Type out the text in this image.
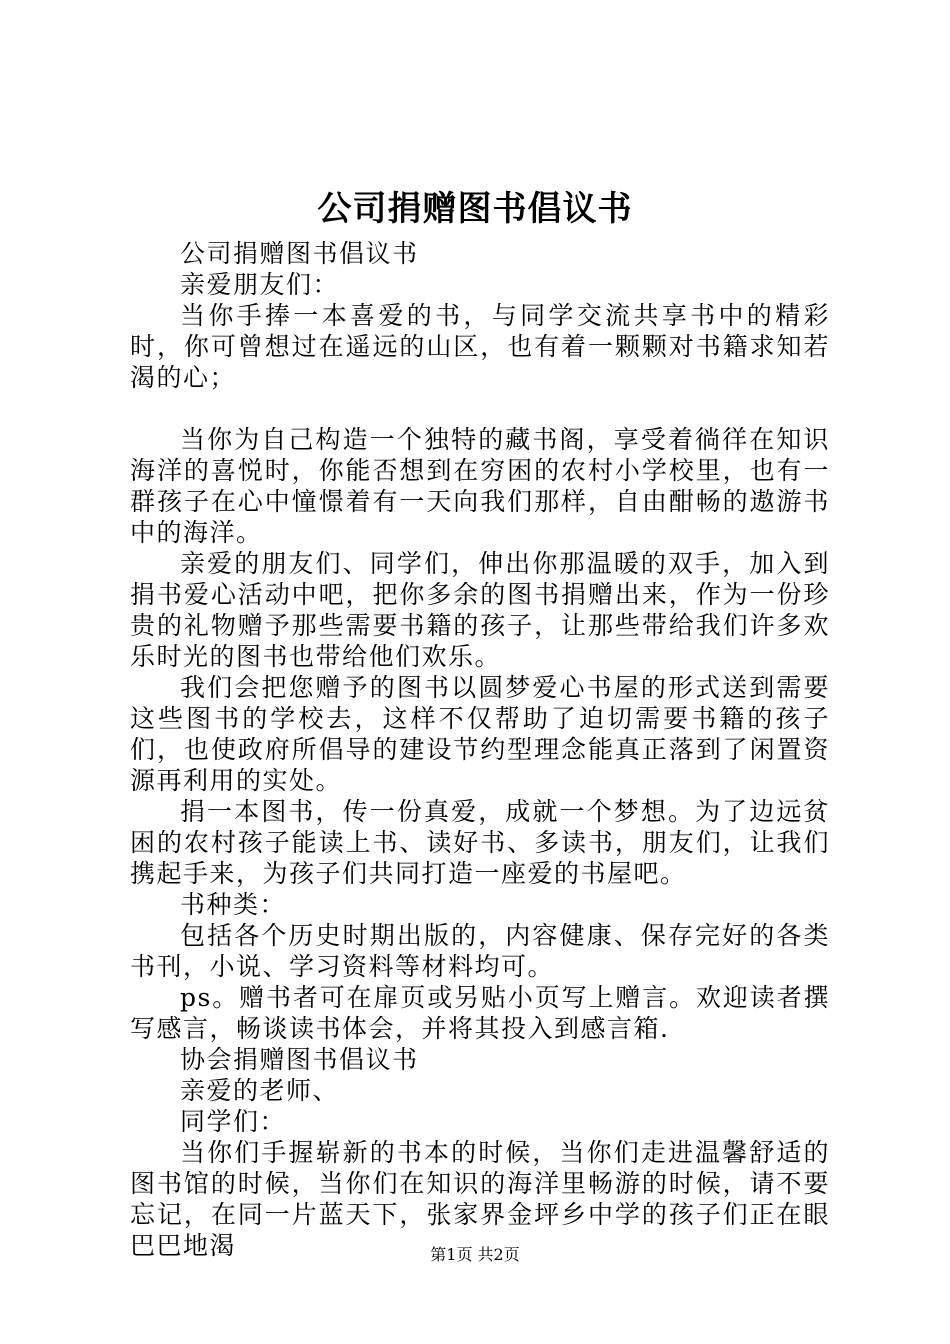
公司捐赠图书倡议书

公司捐赠图书倡议书

亲爱朋友们：

当你手捧一本喜爱的书，与同学交流共享书中的精彩时，你可曾想过在遥远的山区，也有着一颗颗对书籍求知若渴的心；

当你为自己构造一个独特的藏书阁，享受着徜徉在知识海洋的喜悦时，你能否想到在穷困的农村小学校里，也有一群孩子在心中憧憬着有一天向我们那样，自由酣畅的遨游书中的海洋。

亲爱的朋友们、同学们，伸出你那温暖的双手，加入到捐书爱心活动中吧，把你多余的图书捐赠出来，作为一份珍贵的礼物赠予那些需要书籍的孩子，让那些带给我们许多欢乐时光的图书也带给他们欢乐。

我们会把您赠予的图书以圆梦爱心书屋的形式送到需要这些图书的学校去，这样不仅帮助了迫切需要书籍的孩子们，也使政府所倡导的建设节约型理念能真正落到了闲置资源再利用的实处。

捐一本图书，传一份真爱，成就一个梦想。为了边远贫困的农村孩子能读上书、读好书、多读书，朋友们，让我们携起手来，为孩子们共同打造一座爱的书屋吧。

书种类：

包括各个历史时期出版的，内容健康、保存完好的各类书刊，小说、学习资料等材料均可。

ps。赠书者可在扉页或另贴小页写上赠言。欢迎读者撰写感言，畅谈读书体会，并将其投入到感言箱.

协会捐赠图书倡议书

亲爱的老师、

同学们：

当你们手握崭新的书本的时候，当你们走进温馨舒适的图书馆的时候，当你们在知识的海洋里畅游的时候，请不要忘记，在同一片蓝天下，张家界金坪乡中学的孩子们正在眼巴巴地渴	第1页 共2页
